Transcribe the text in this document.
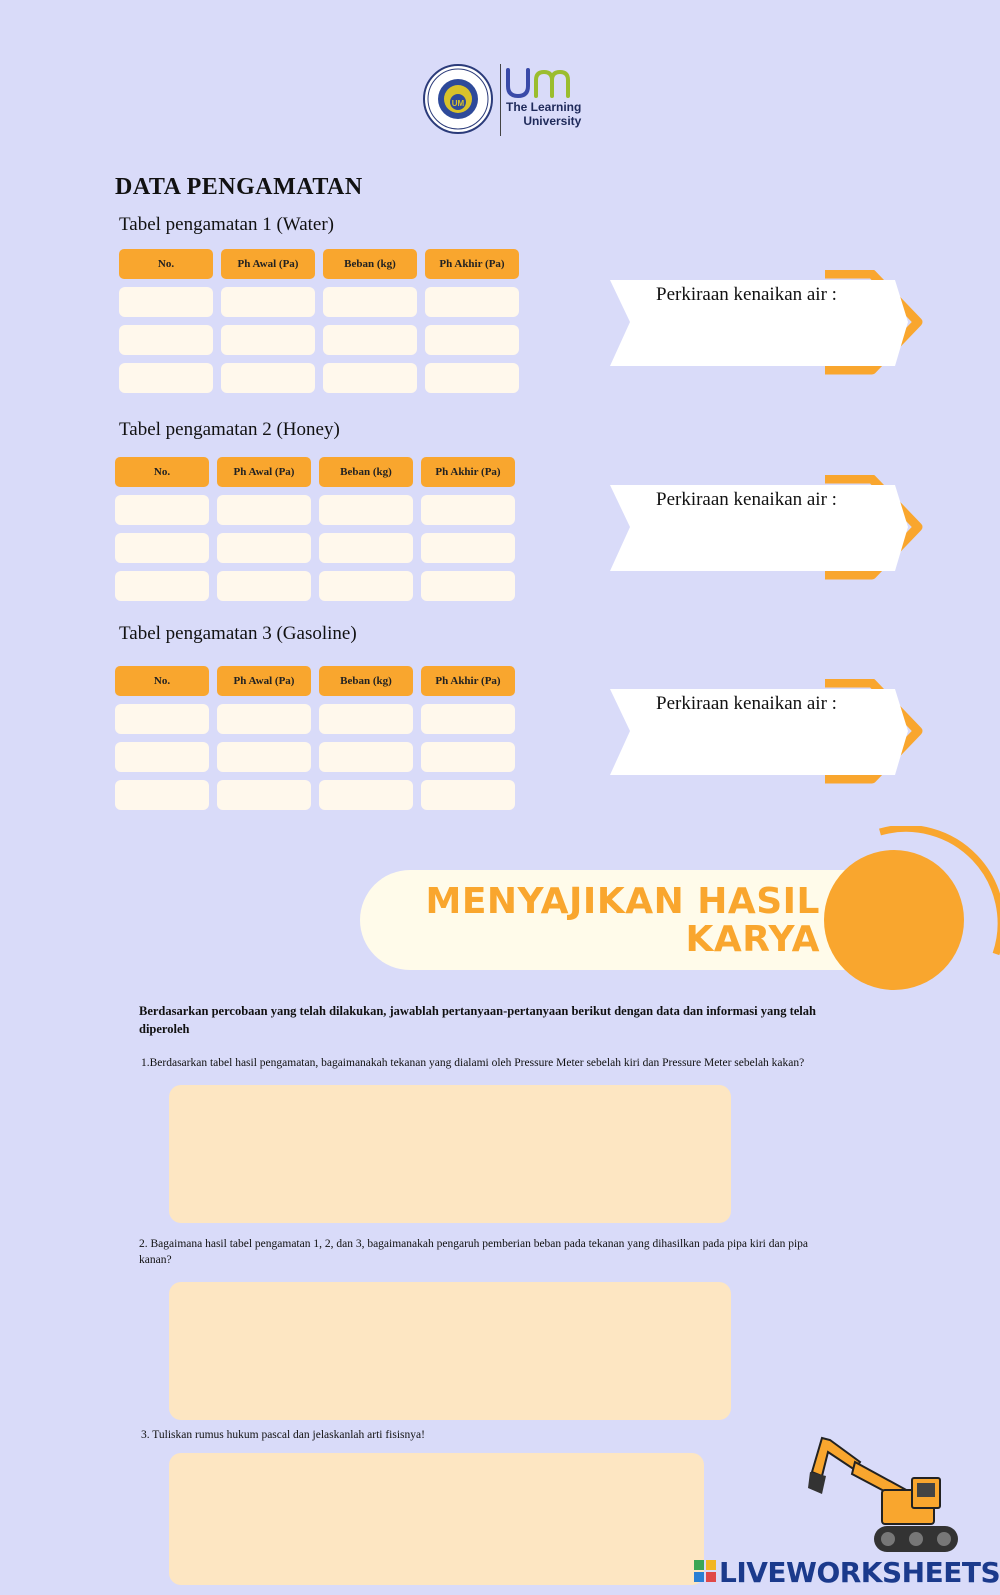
UM	The Learning
University
DATA PENGAMATAN
Tabel pengamatan 1 (Water)
No.	Ph Awal (Pa)	Beban (kg)	Ph Akhir (Pa)
Perkiraan kenaikan air :
Tabel pengamatan 2 (Honey)
No.	Ph Awal (Pa)	Beban (kg)	Ph Akhir (Pa)
Perkiraan kenaikan air :
Tabel pengamatan 3 (Gasoline)
No.	Ph Awal (Pa)	Beban (kg)	Ph Akhir (Pa)
Perkiraan kenaikan air :
MENYAJIKAN HASIL
KARYA
Berdasarkan percobaan yang telah dilakukan, jawablah pertanyaan-pertanyaan berikut dengan data dan informasi yang telah diperoleh
1.Berdasarkan tabel hasil pengamatan, bagaimanakah tekanan yang dialami oleh Pressure Meter sebelah kiri dan Pressure Meter sebelah kakan?
2. Bagaimana hasil tabel pengamatan 1, 2, dan 3, bagaimanakah pengaruh pemberian beban pada tekanan yang dihasilkan pada pipa kiri dan pipa kanan?
3. Tuliskan rumus hukum pascal dan jelaskanlah arti fisisnya!
LIVEWORKSHEETS
